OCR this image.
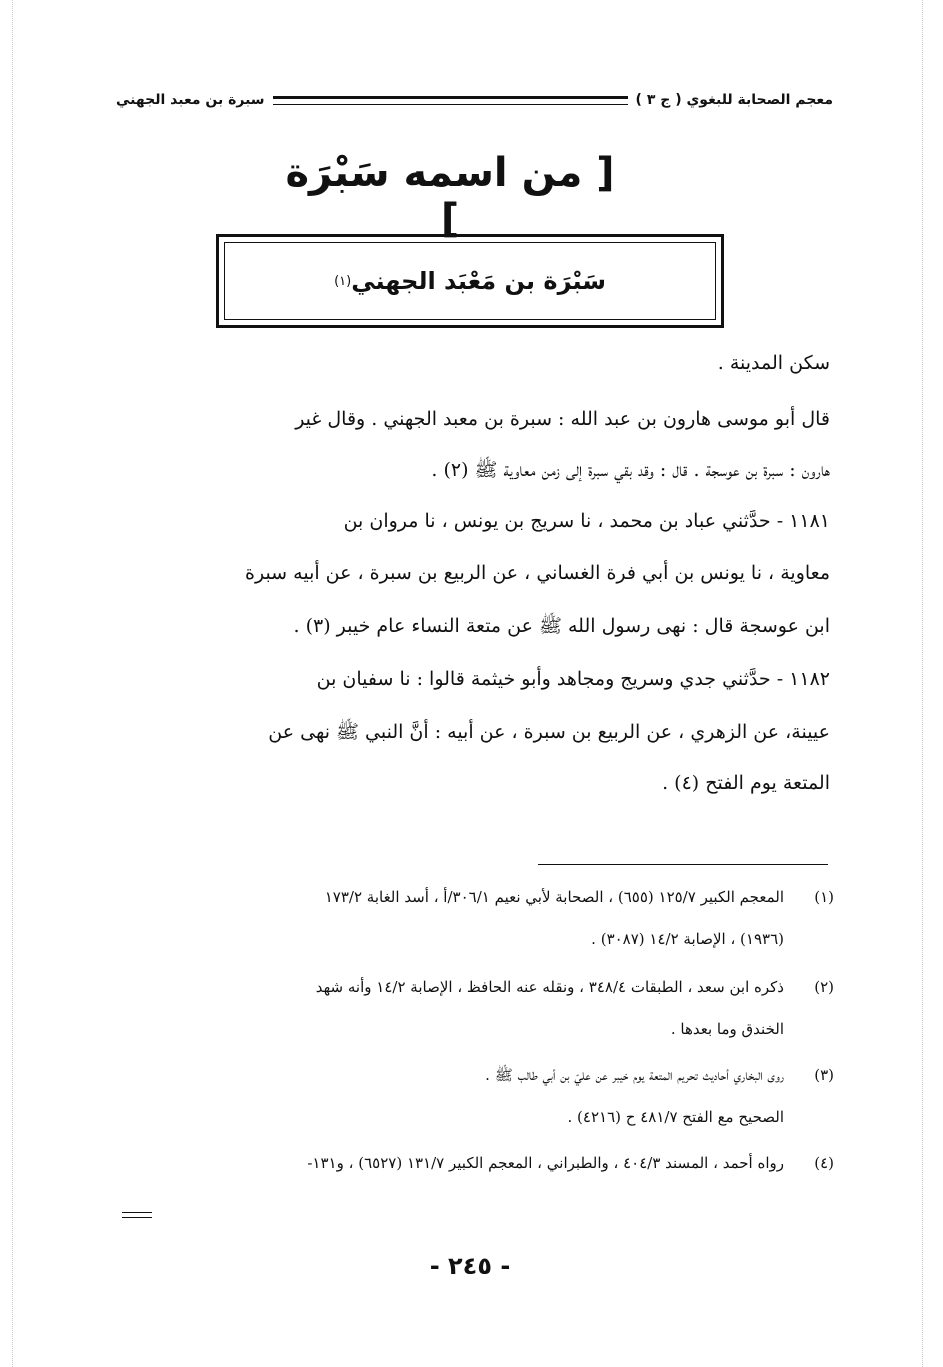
معجم الصحابة للبغوي ( ج ٣ )
سبرة بن معبد الجهني
[ من اسمه سَبْرَة ]
سَبْرَة بن مَعْبَد الجهني
(١)
سكن المدينة .
قال أبو موسى هارون بن عبد الله : سبرة بن معبد الجهني . وقال غير
هارون : سبرة بن عوسجة . قال : وقد بقي سبرة إلى زمن معاوية ﷺ (٢) .
١١٨١ - حدَّثني عباد بن محمد ، نا سريج بن يونس ، نا مروان بن
معاوية ، نا يونس بن أبي فرة الغساني ، عن الربيع بن سبرة ، عن أبيه سبرة
ابن عوسجة قال : نهى رسول الله ﷺ عن متعة النساء عام خيبر (٣) .
١١٨٢ - حدَّثني جدي وسريج ومجاهد وأبو خيثمة قالوا : نا سفيان بن
عيينة، عن الزهري ، عن الربيع بن سبرة ، عن أبيه : أنَّ النبي ﷺ نهى عن
المتعة يوم الفتح (٤) .
(١)
المعجم الكبير ١٢٥/٧ (٦٥٥) ، الصحابة لأبي نعيم ٣٠٦/١/أ ، أسد الغابة ١٧٣/٢
(١٩٣٦) ، الإصابة ١٤/٢ (٣٠٨٧) .
(٢)
ذكره ابن سعد ، الطبقات ٣٤٨/٤ ، ونقله عنه الحافظ ، الإصابة ١٤/٢ وأنه شهد
الخندق وما بعدها .
(٣)
روى البخاري أحاديث تحريم المتعة يوم خيبر عن عليّ بن أبي طالب ﷺ .
الصحيح مع الفتح ٤٨١/٧ ح (٤٢١٦) .
(٤)
رواه أحمد ، المسند ٤٠٤/٣ ، والطبراني ، المعجم الكبير ١٣١/٧ (٦٥٢٧) ، و١٣١-
- ٢٤٥ -
